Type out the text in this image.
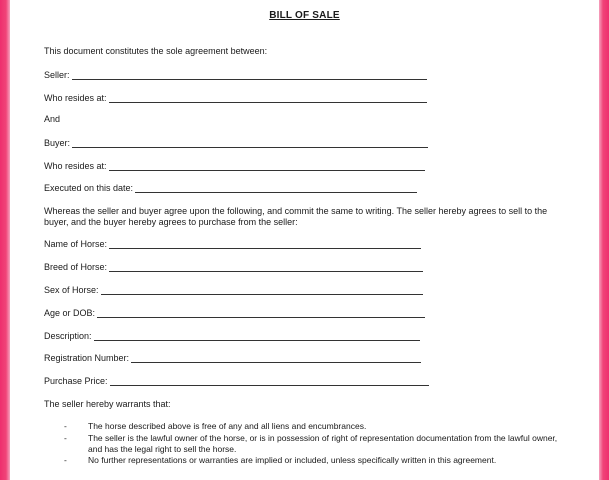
BILL OF SALE
This document constitutes the sole agreement between:
Seller:
Who resides at:
And
Buyer:
Who resides at:
Executed on this date:
Whereas the seller and buyer agree upon the following, and commit the same to writing. The seller hereby agrees to sell to the buyer, and the buyer hereby agrees to purchase from the seller:
Name of Horse:
Breed of Horse:
Sex of Horse:
Age or DOB:
Description:
Registration Number:
Purchase Price:
The seller hereby warrants that:
- The horse described above is free of any and all liens and encumbrances.
- The seller is the lawful owner of the horse, or is in possession of right of representation documentation from the lawful owner, and has the legal right to sell the horse.
- No further representations or warranties are implied or included, unless specifically written in this agreement.
